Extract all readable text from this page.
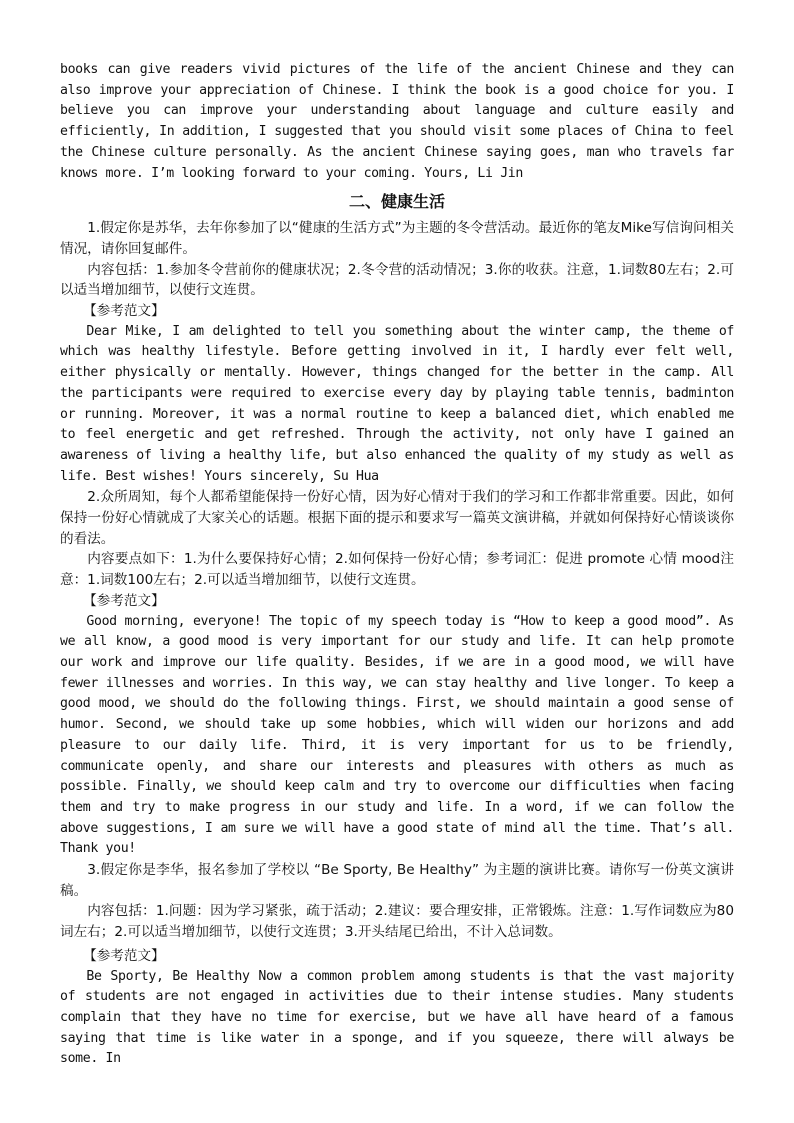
books can give readers vivid pictures of the life of the ancient Chinese and they can also improve your appreciation of Chinese. I think the book is a good choice for you. I believe you can improve your understanding about language and culture easily and efficiently, In addition, I suggested that you should visit some places of China to feel the Chinese culture personally. As the ancient Chinese saying goes, man who travels far knows more. I’m looking forward to your coming. Yours, Li Jin

二、健康生活

1.假定你是苏华，去年你参加了以“健康的生活方式”为主题的冬令营活动。最近你的笔友Mike写信询问相关情况，请你回复邮件。

内容包括：1.参加冬令营前你的健康状况；2.冬令营的活动情况；3.你的收获。注意，1.词数80左右；2.可以适当增加细节，以使行文连贯。

【参考范文】

Dear Mike, I am delighted to tell you something about the winter camp, the theme of which was healthy lifestyle. Before getting involved in it, I hardly ever felt well, either physically or mentally. However, things changed for the better in the camp. All the participants were required to exercise every day by playing table tennis, badminton or running. Moreover, it was a normal routine to keep a balanced diet, which enabled me to feel energetic and get refreshed. Through the activity, not only have I gained an awareness of living a healthy life, but also enhanced the quality of my study as well as life. Best wishes! Yours sincerely, Su Hua

2.众所周知，每个人都希望能保持一份好心情，因为好心情对于我们的学习和工作都非常重要。因此，如何保持一份好心情就成了大家关心的话题。根据下面的提示和要求写一篇英文演讲稿，并就如何保持好心情谈谈你的看法。

内容要点如下：1.为什么要保持好心情；2.如何保持一份好心情；参考词汇：促进 promote 心情 mood注意：1.词数100左右；2.可以适当增加细节，以使行文连贯。

【参考范文】

Good morning, everyone! The topic of my speech today is “How to keep a good mood”. As we all know, a good mood is very important for our study and life. It can help promote our work and improve our life quality. Besides, if we are in a good mood, we will have fewer illnesses and worries. In this way, we can stay healthy and live longer. To keep a good mood, we should do the following things. First, we should maintain a good sense of humor. Second, we should take up some hobbies, which will widen our horizons and add pleasure to our daily life. Third, it is very important for us to be friendly, communicate openly, and share our interests and pleasures with others as much as possible. Finally, we should keep calm and try to overcome our difficulties when facing them and try to make progress in our study and life. In a word, if we can follow the above suggestions, I am sure we will have a good state of mind all the time. That’s all. Thank you!

3.假定你是李华，报名参加了学校以 “Be Sporty, Be Healthy” 为主题的演讲比赛。请你写一份英文演讲稿。

内容包括：1.问题：因为学习紧张，疏于活动；2.建议：要合理安排，正常锻炼。注意：1.写作词数应为80词左右；2.可以适当增加细节，以使行文连贯；3.开头结尾已给出，不计入总词数。

【参考范文】

Be Sporty, Be Healthy Now a common problem among students is that the vast majority of students are not engaged in activities due to their intense studies. Many students complain that they have no time for exercise, but we have all have heard of a famous saying that time is like water in a sponge, and if you squeeze, there will always be some. In
